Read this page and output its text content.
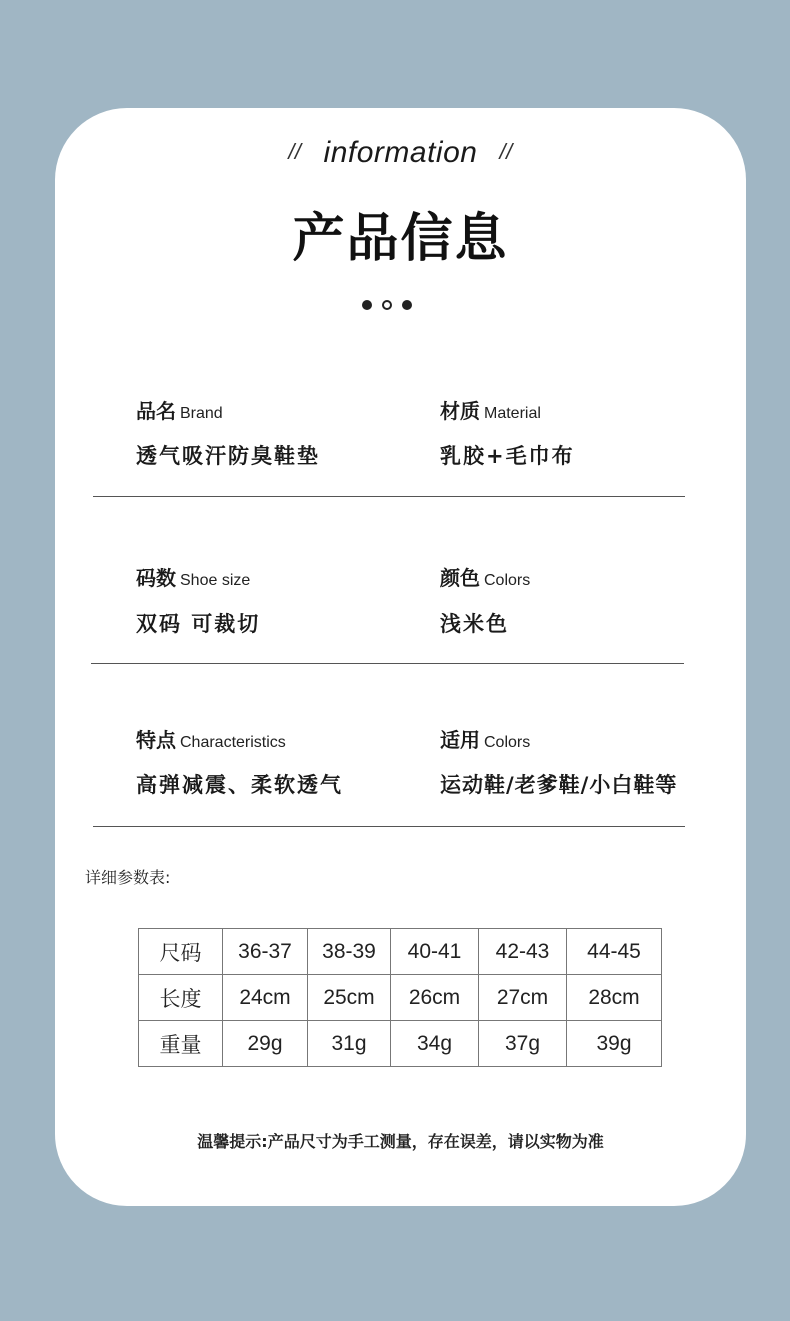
// information //
产品信息
品名 Brand
透气吸汗防臭鞋垫
材质 Material
乳胶+毛巾布
码数 Shoe size
双码 可裁切
颜色 Colors
浅米色
特点 Characteristics
高弹减震、柔软透气
适用 Colors
运动鞋/老爹鞋/小白鞋等
详细参数表:
尺码	36-37	38-39	40-41	42-43	44-45
长度	24cm	25cm	26cm	27cm	28cm
重量	29g	31g	34g	37g	39g
温馨提示:产品尺寸为手工测量，存在误差，请以实物为准
